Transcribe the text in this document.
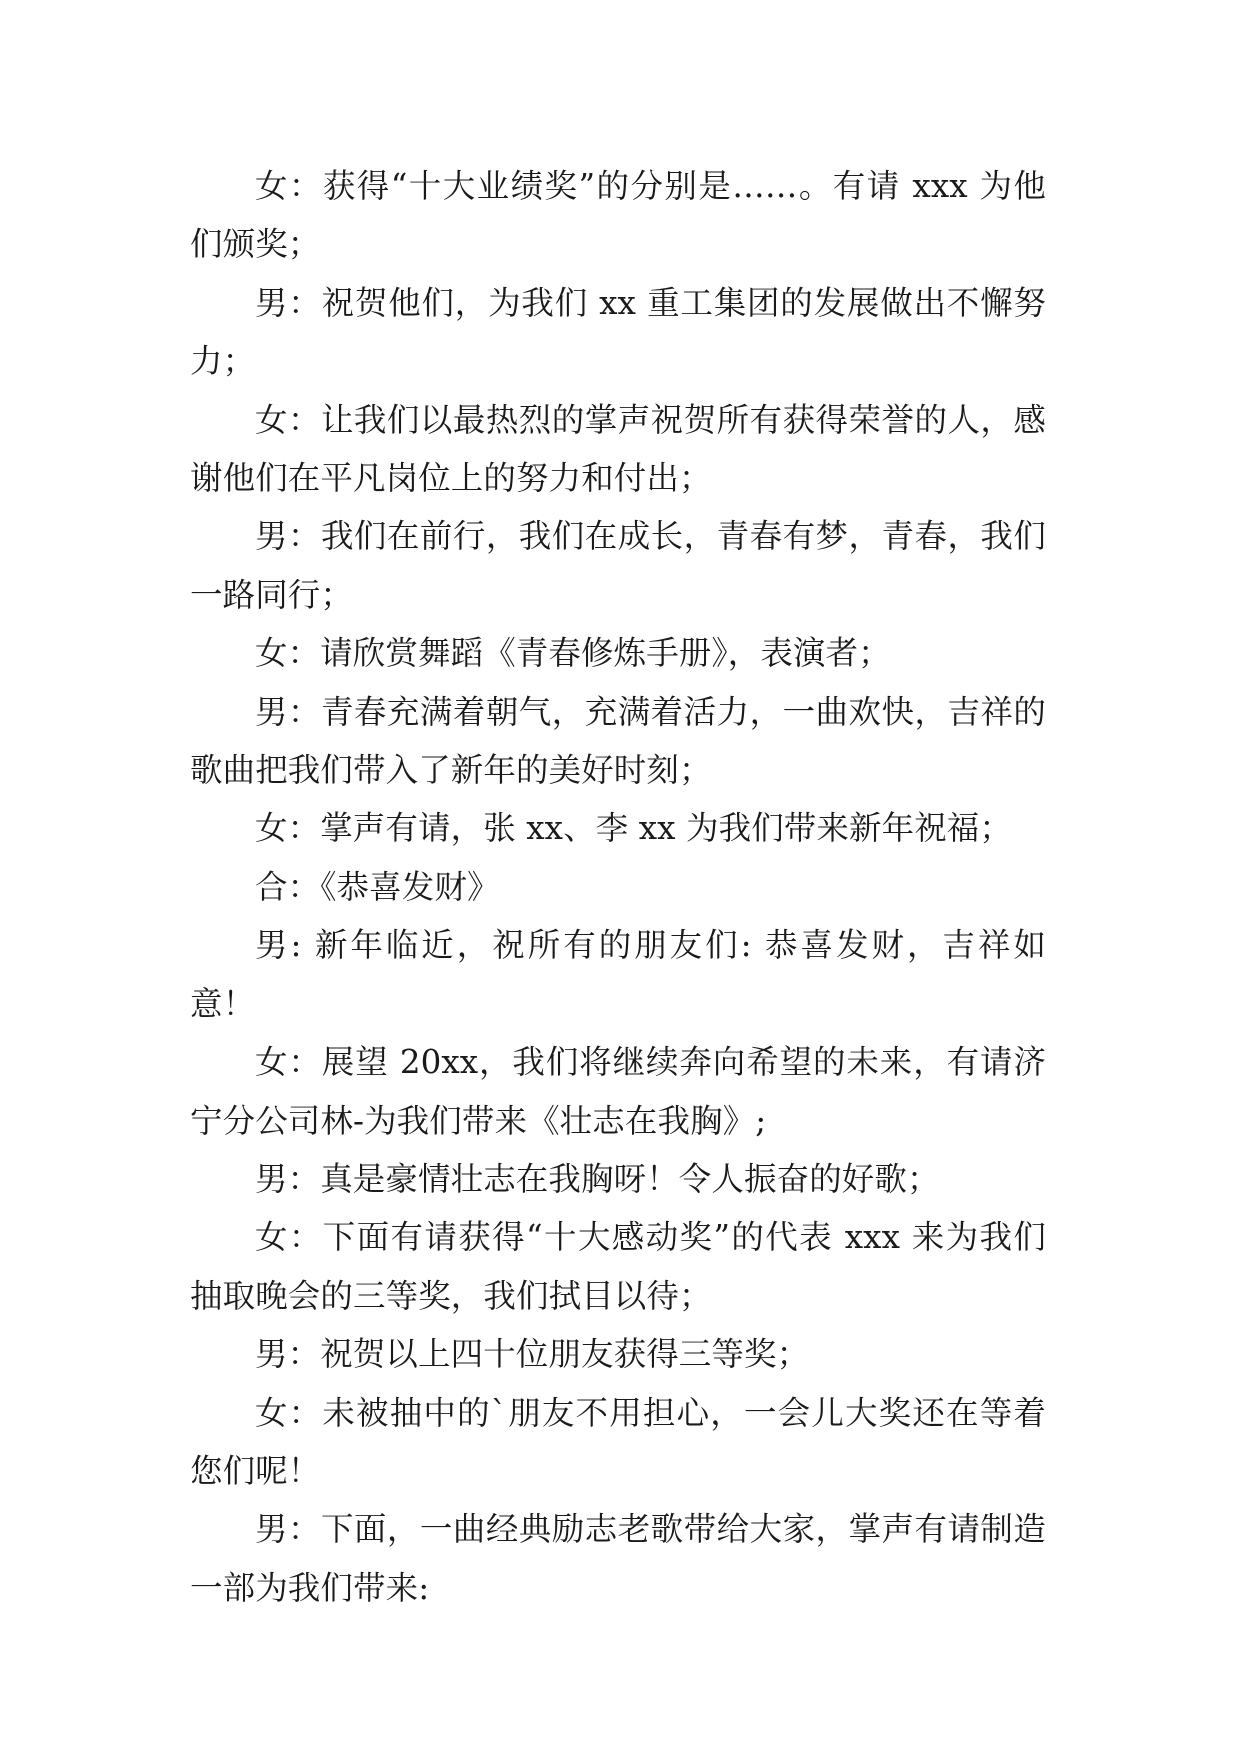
女：获得“十大业绩奖”的分别是……。有请 xxx 为他们颁奖；

男：祝贺他们，为我们 xx 重工集团的发展做出不懈努力；

女：让我们以最热烈的掌声祝贺所有获得荣誉的人，感谢他们在平凡岗位上的努力和付出；

男：我们在前行，我们在成长，青春有梦，青春，我们一路同行；

女：请欣赏舞蹈《青春修炼手册》，表演者；

男：青春充满着朝气，充满着活力，一曲欢快，吉祥的歌曲把我们带入了新年的美好时刻；

女：掌声有请，张 xx、李 xx 为我们带来新年祝福；

合：《恭喜发财》

男: 新年临近，祝所有的朋友们: 恭喜发财，吉祥如意！

女：展望 20xx，我们将继续奔向希望的未来，有请济宁分公司林-为我们带来《壮志在我胸》;

男：真是豪情壮志在我胸呀！令人振奋的好歌；

女：下面有请获得“十大感动奖”的代表 xxx 来为我们抽取晚会的三等奖，我们拭目以待；

男：祝贺以上四十位朋友获得三等奖；

女：未被抽中的`朋友不用担心，一会儿大奖还在等着您们呢！

男：下面，一曲经典励志老歌带给大家，掌声有请制造一部为我们带来:
